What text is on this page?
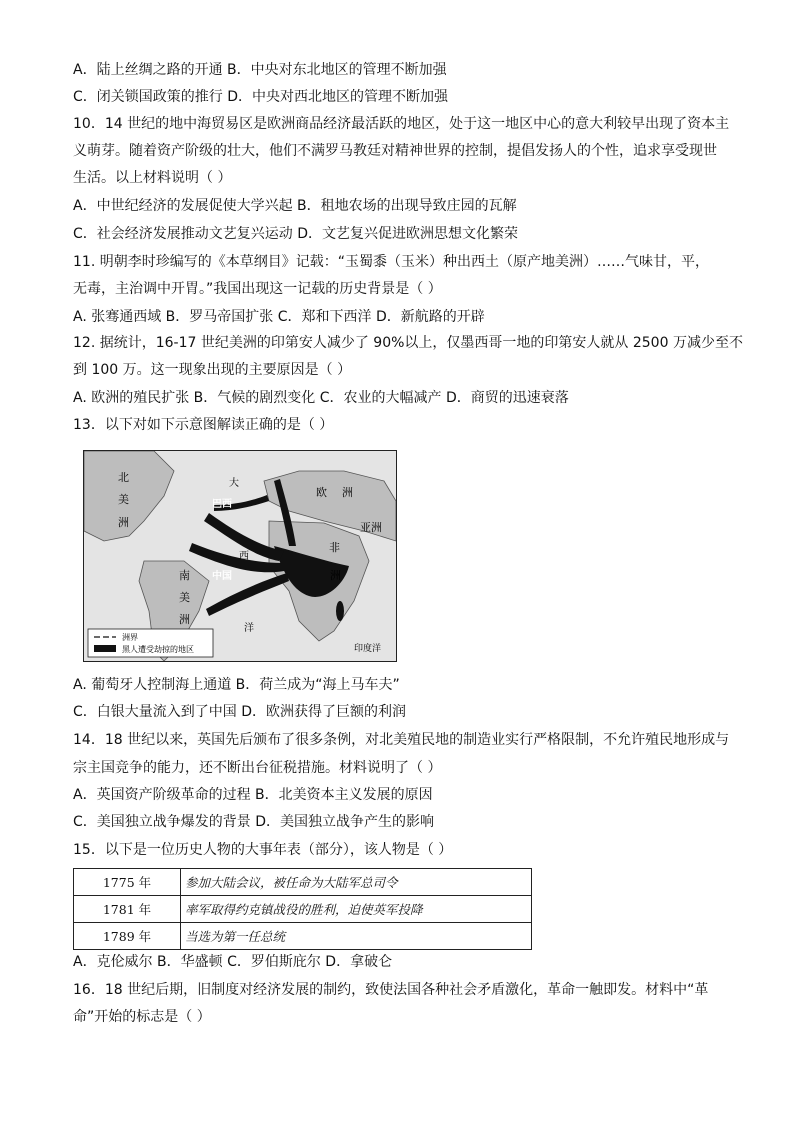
A．陆上丝绸之路的开通 B．中央对东北地区的管理不断加强
C．闭关锁国政策的推行 D．中央对西北地区的管理不断加强
10．14 世纪的地中海贸易区是欧洲商品经济最活跃的地区，处于这一地区中心的意大利较早出现了资本主
义萌芽。随着资产阶级的壮大，他们不满罗马教廷对精神世界的控制，提倡发扬人的个性，追求享受现世
生活。以上材料说明（ ）
A．中世纪经济的发展促使大学兴起 B．租地农场的出现导致庄园的瓦解
C．社会经济发展推动文艺复兴运动 D．文艺复兴促进欧洲思想文化繁荣
11. 明朝李时珍编写的《本草纲目》记载：“玉蜀黍（玉米）种出西土（原产地美洲）……气味甘，平，
无毒，主治调中开胃。”我国出现这一记载的历史背景是（ ）
A. 张骞通西域 B．罗马帝国扩张 C．郑和下西洋 D．新航路的开辟
12. 据统计，16-17 世纪美洲的印第安人减少了 90%以上，仅墨西哥一地的印第安人就从 2500 万减少至不
到 100 万。这一现象出现的主要原因是（ ）
A. 欧洲的殖民扩张 B．气候的剧烈变化 C．农业的大幅减产 D．商贸的迅速衰落
13．以下对如下示意图解读正确的是（ ）
北
美
洲
欧 洲
亚洲
非
洲
南
美
洲
大
西
洋
印度洋
巴西
中国
洲界
黑人遭受劫掠的地区
A. 葡萄牙人控制海上通道 B．荷兰成为“海上马车夫”
C．白银大量流入到了中国 D．欧洲获得了巨额的利润
14．18 世纪以来，英国先后颁布了很多条例，对北美殖民地的制造业实行严格限制，不允许殖民地形成与
宗主国竞争的能力，还不断出台征税措施。材料说明了（ ）
A．英国资产阶级革命的过程 B．北美资本主义发展的原因
C．美国独立战争爆发的背景 D．美国独立战争产生的影响
15．以下是一位历史人物的大事年表（部分），该人物是（ ）
1775 年	参加大陆会议，被任命为大陆军总司令
1781 年	率军取得约克镇战役的胜利，迫使英军投降
1789 年	当选为第一任总统
A．克伦威尔 B．华盛顿 C．罗伯斯庇尔 D．拿破仑
16．18 世纪后期，旧制度对经济发展的制约，致使法国各种社会矛盾激化，革命一触即发。材料中“革
命”开始的标志是（ ）
